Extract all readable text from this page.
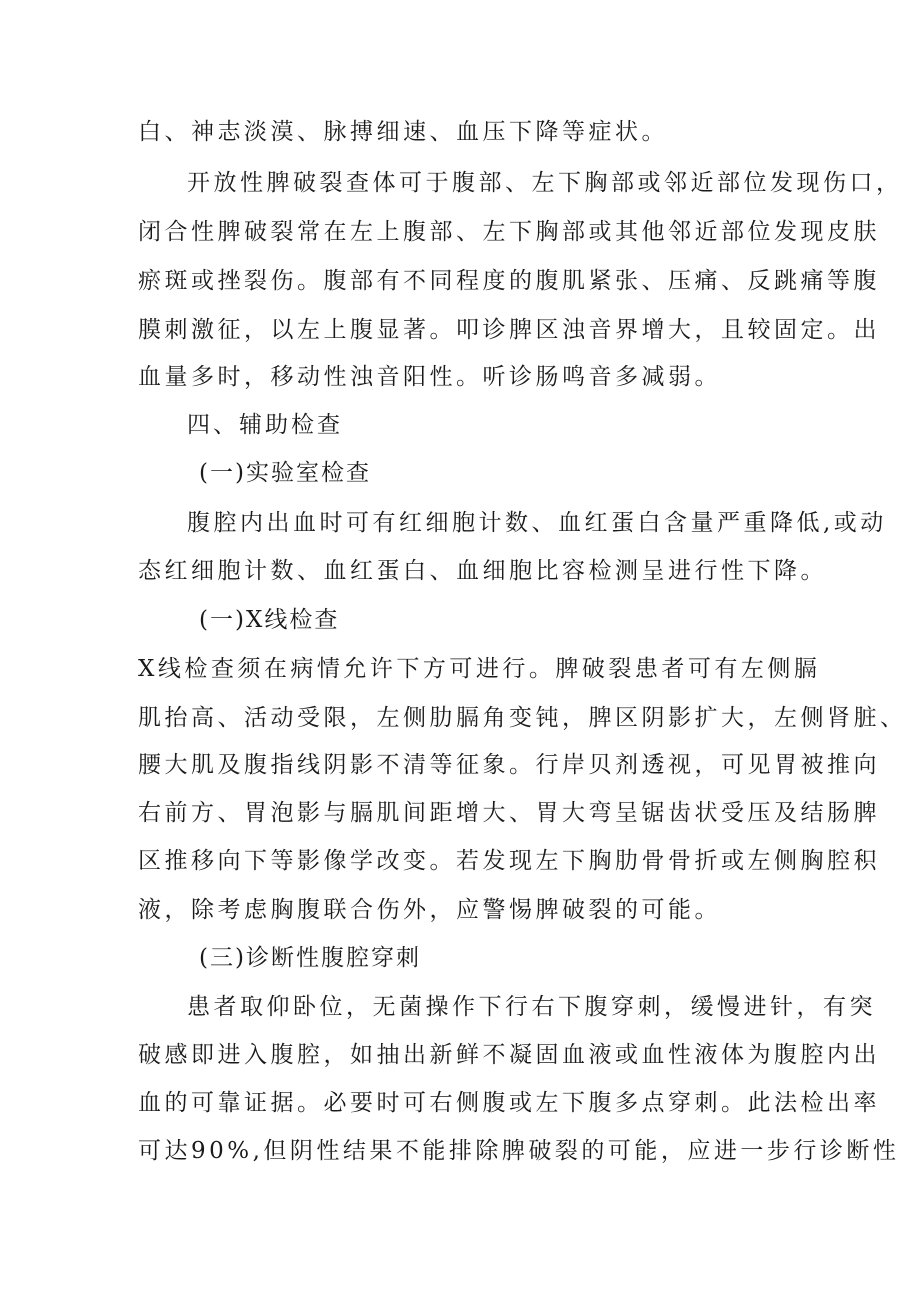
白、神志淡漠、脉搏细速、血压下降等症状。
开放性脾破裂查体可于腹部、左下胸部或邻近部位发现伤口，
闭合性脾破裂常在左上腹部、左下胸部或其他邻近部位发现皮肤
瘀斑或挫裂伤。腹部有不同程度的腹肌紧张、压痛、反跳痛等腹
膜刺激征，以左上腹显著。叩诊脾区浊音界增大，且较固定。出
血量多时，移动性浊音阳性。听诊肠鸣音多减弱。
四、辅助检查
(一)实验室检查
腹腔内出血时可有红细胞计数、血红蛋白含量严重降低,或动
态红细胞计数、血红蛋白、血细胞比容检测呈进行性下降。
(一)X线检查
X线检查须在病情允许下方可进行。脾破裂患者可有左侧膈
肌抬高、活动受限，左侧肋膈角变钝，脾区阴影扩大，左侧肾脏、
腰大肌及腹指线阴影不清等征象。行岸贝剂透视，可见胃被推向
右前方、胃泡影与膈肌间距增大、胃大弯呈锯齿状受压及结肠脾
区推移向下等影像学改变。若发现左下胸肋骨骨折或左侧胸腔积
液，除考虑胸腹联合伤外，应警惕脾破裂的可能。
(三)诊断性腹腔穿刺
患者取仰卧位，无菌操作下行右下腹穿刺，缓慢进针，有突
破感即进入腹腔，如抽出新鲜不凝固血液或血性液体为腹腔内出
血的可靠证据。必要时可右侧腹或左下腹多点穿刺。此法检出率
可达90%,但阴性结果不能排除脾破裂的可能，应进一步行诊断性
